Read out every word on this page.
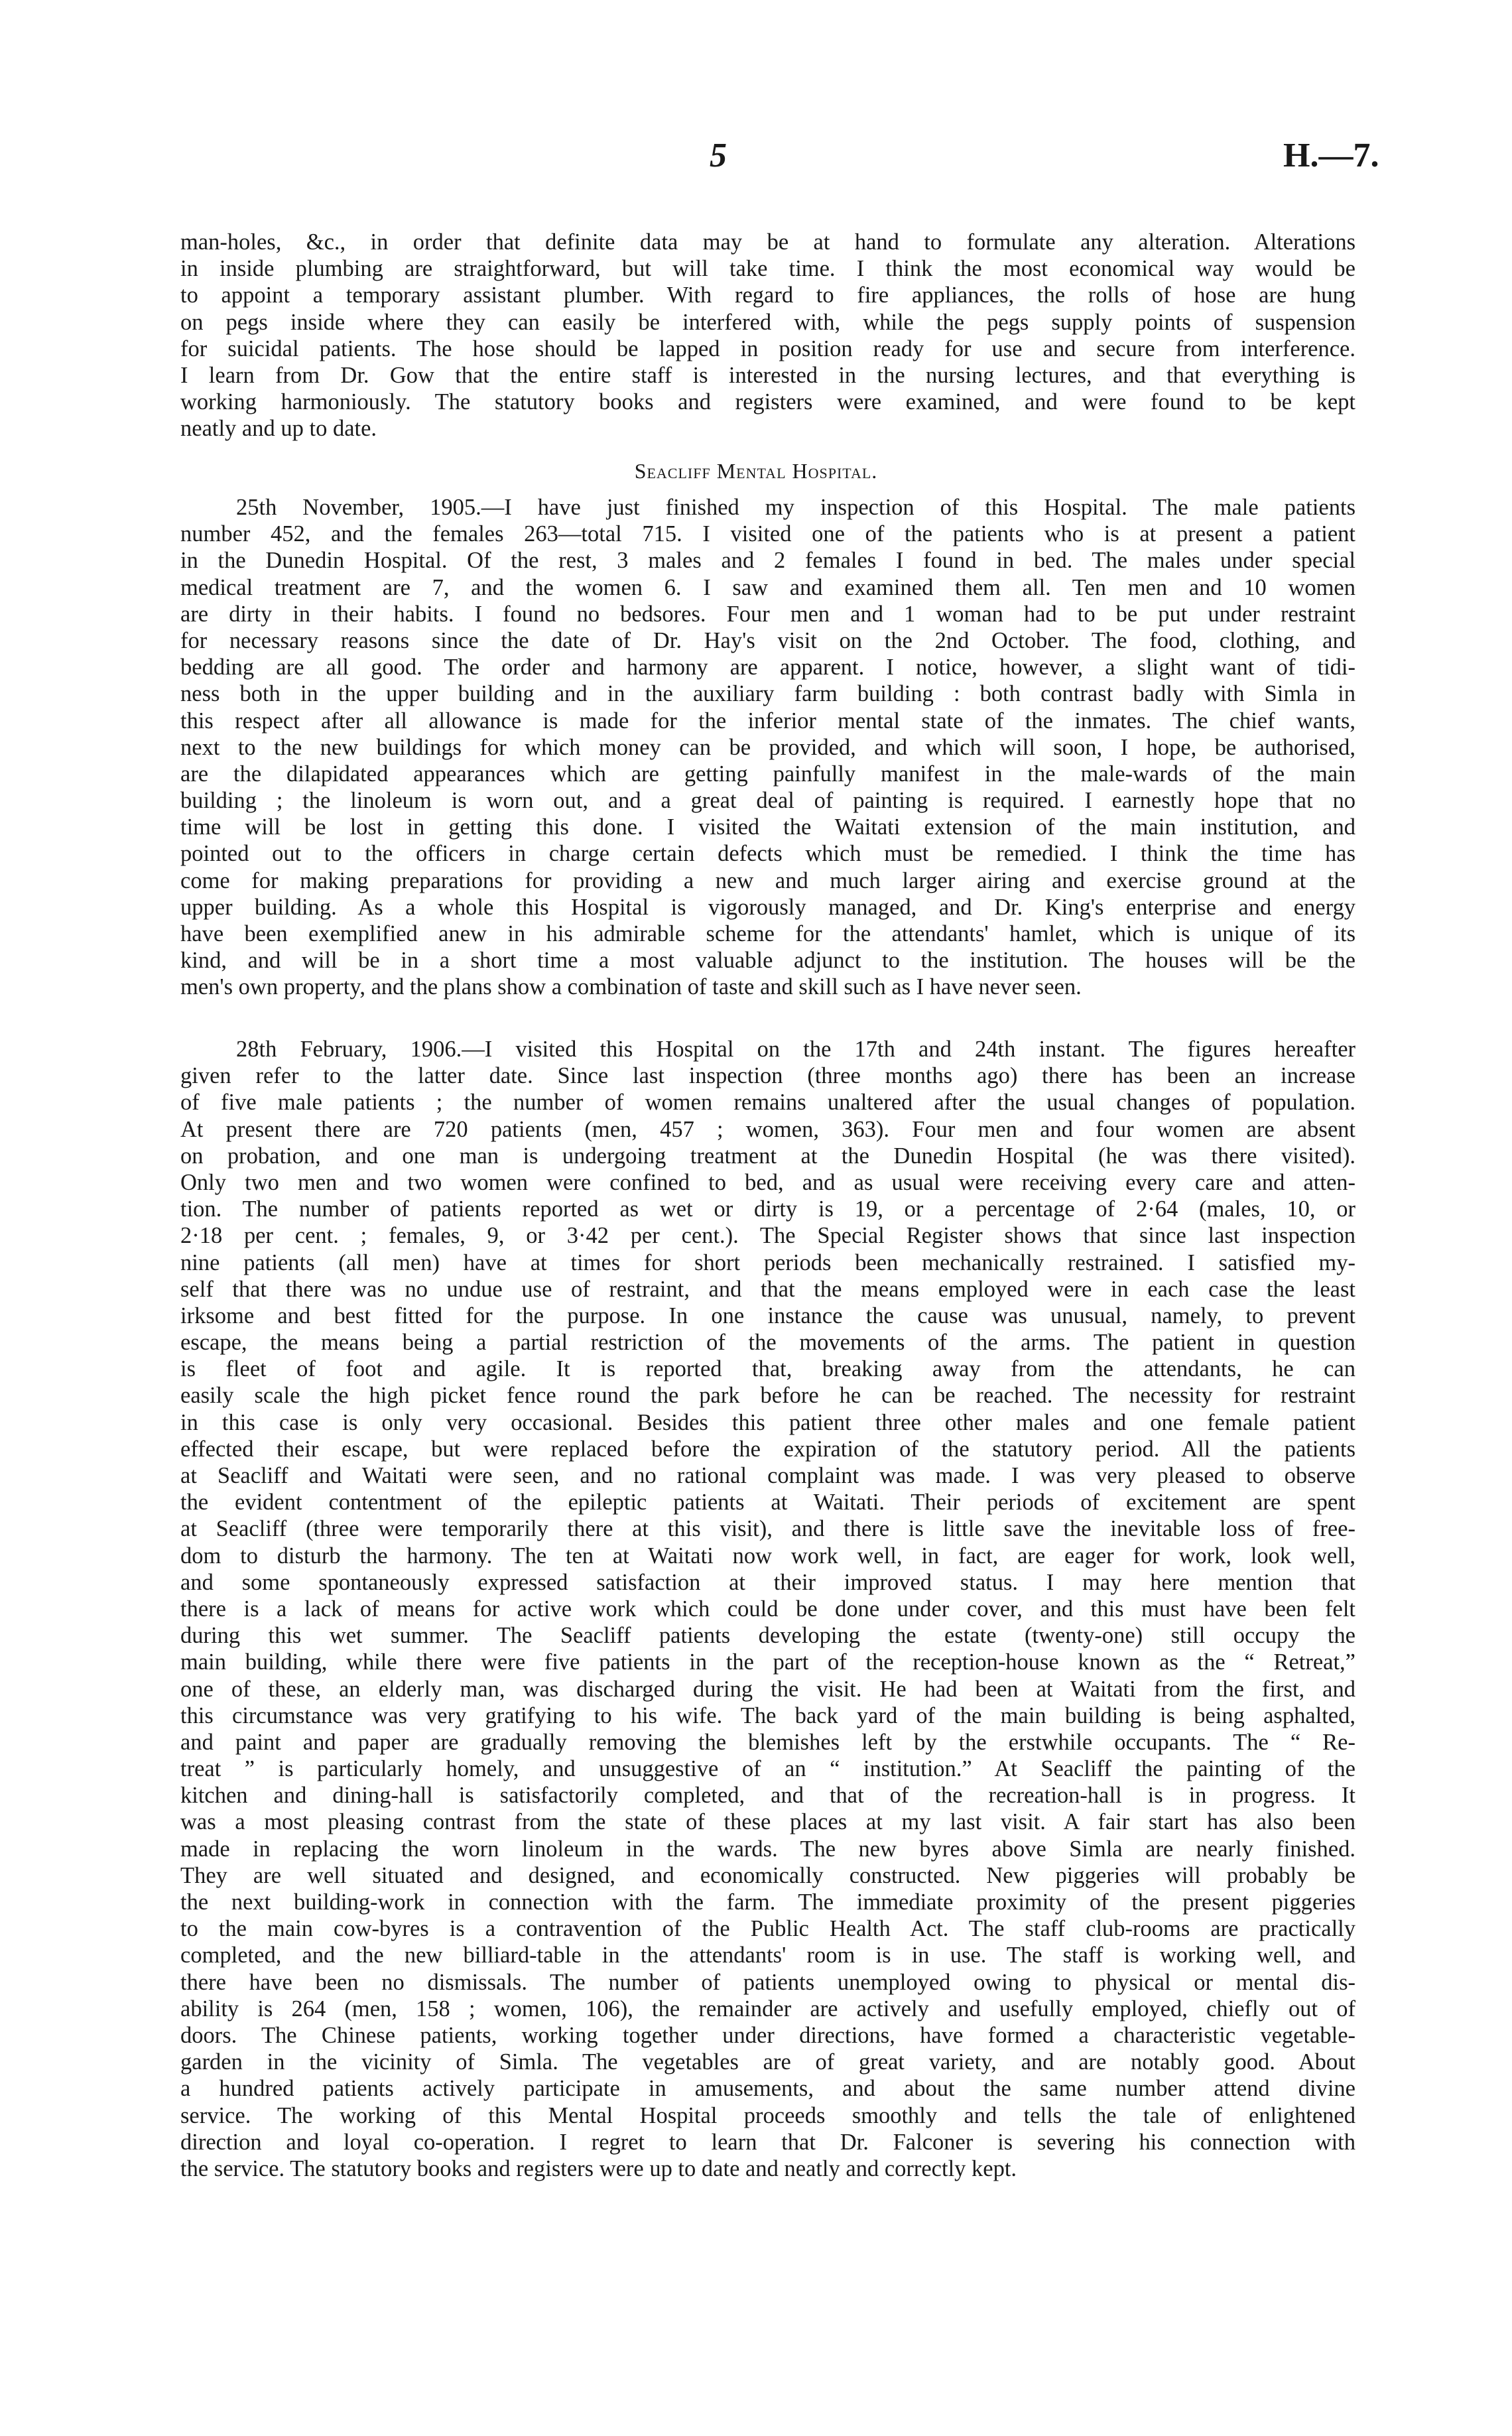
5	H.—7.
man-holes, &c., in order that definite data may be at hand to formulate any alteration. Alterations
in inside plumbing are straightforward, but will take time. I think the most economical way would be
to appoint a temporary assistant plumber. With regard to fire appliances, the rolls of hose are hung
on pegs inside where they can easily be interfered with, while the pegs supply points of suspension
for suicidal patients. The hose should be lapped in position ready for use and secure from interference.
I learn from Dr. Gow that the entire staff is interested in the nursing lectures, and that everything is
working harmoniously. The statutory books and registers were examined, and were found to be kept
neatly and up to date.
Seacliff Mental Hospital.
25th November, 1905.—I have just finished my inspection of this Hospital. The male patients
number 452, and the females 263—total 715. I visited one of the patients who is at present a patient
in the Dunedin Hospital. Of the rest, 3 males and 2 females I found in bed. The males under special
medical treatment are 7, and the women 6. I saw and examined them all. Ten men and 10 women
are dirty in their habits. I found no bedsores. Four men and 1 woman had to be put under restraint
for necessary reasons since the date of Dr. Hay's visit on the 2nd October. The food, clothing, and
bedding are all good. The order and harmony are apparent. I notice, however, a slight want of tidi-
ness both in the upper building and in the auxiliary farm building : both contrast badly with Simla in
this respect after all allowance is made for the inferior mental state of the inmates. The chief wants,
next to the new buildings for which money can be provided, and which will soon, I hope, be authorised,
are the dilapidated appearances which are getting painfully manifest in the male-wards of the main
building ; the linoleum is worn out, and a great deal of painting is required. I earnestly hope that no
time will be lost in getting this done. I visited the Waitati extension of the main institution, and
pointed out to the officers in charge certain defects which must be remedied. I think the time has
come for making preparations for providing a new and much larger airing and exercise ground at the
upper building. As a whole this Hospital is vigorously managed, and Dr. King's enterprise and energy
have been exemplified anew in his admirable scheme for the attendants' hamlet, which is unique of its
kind, and will be in a short time a most valuable adjunct to the institution. The houses will be the
men's own property, and the plans show a combination of taste and skill such as I have never seen.
28th February, 1906.—I visited this Hospital on the 17th and 24th instant. The figures hereafter
given refer to the latter date. Since last inspection (three months ago) there has been an increase
of five male patients ; the number of women remains unaltered after the usual changes of population.
At present there are 720 patients (men, 457 ; women, 363). Four men and four women are absent
on probation, and one man is undergoing treatment at the Dunedin Hospital (he was there visited).
Only two men and two women were confined to bed, and as usual were receiving every care and atten-
tion. The number of patients reported as wet or dirty is 19, or a percentage of 2·64 (males, 10, or
2·18 per cent. ; females, 9, or 3·42 per cent.). The Special Register shows that since last inspection
nine patients (all men) have at times for short periods been mechanically restrained. I satisfied my-
self that there was no undue use of restraint, and that the means employed were in each case the least
irksome and best fitted for the purpose. In one instance the cause was unusual, namely, to prevent
escape, the means being a partial restriction of the movements of the arms. The patient in question
is fleet of foot and agile. It is reported that, breaking away from the attendants, he can
easily scale the high picket fence round the park before he can be reached. The necessity for restraint
in this case is only very occasional. Besides this patient three other males and one female patient
effected their escape, but were replaced before the expiration of the statutory period. All the patients
at Seacliff and Waitati were seen, and no rational complaint was made. I was very pleased to observe
the evident contentment of the epileptic patients at Waitati. Their periods of excitement are spent
at Seacliff (three were temporarily there at this visit), and there is little save the inevitable loss of free-
dom to disturb the harmony. The ten at Waitati now work well, in fact, are eager for work, look well,
and some spontaneously expressed satisfaction at their improved status. I may here mention that
there is a lack of means for active work which could be done under cover, and this must have been felt
during this wet summer. The Seacliff patients developing the estate (twenty-one) still occupy the
main building, while there were five patients in the part of the reception-house known as the “ Retreat,”
one of these, an elderly man, was discharged during the visit. He had been at Waitati from the first, and
this circumstance was very gratifying to his wife. The back yard of the main building is being asphalted,
and paint and paper are gradually removing the blemishes left by the erstwhile occupants. The “ Re-
treat ” is particularly homely, and unsuggestive of an “ institution.” At Seacliff the painting of the
kitchen and dining-hall is satisfactorily completed, and that of the recreation-hall is in progress. It
was a most pleasing contrast from the state of these places at my last visit. A fair start has also been
made in replacing the worn linoleum in the wards. The new byres above Simla are nearly finished.
They are well situated and designed, and economically constructed. New piggeries will probably be
the next building-work in connection with the farm. The immediate proximity of the present piggeries
to the main cow-byres is a contravention of the Public Health Act. The staff club-rooms are practically
completed, and the new billiard-table in the attendants' room is in use. The staff is working well, and
there have been no dismissals. The number of patients unemployed owing to physical or mental dis-
ability is 264 (men, 158 ; women, 106), the remainder are actively and usefully employed, chiefly out of
doors. The Chinese patients, working together under directions, have formed a characteristic vegetable-
garden in the vicinity of Simla. The vegetables are of great variety, and are notably good. About
a hundred patients actively participate in amusements, and about the same number attend divine
service. The working of this Mental Hospital proceeds smoothly and tells the tale of enlightened
direction and loyal co-operation. I regret to learn that Dr. Falconer is severing his connection with
the service. The statutory books and registers were up to date and neatly and correctly kept.
